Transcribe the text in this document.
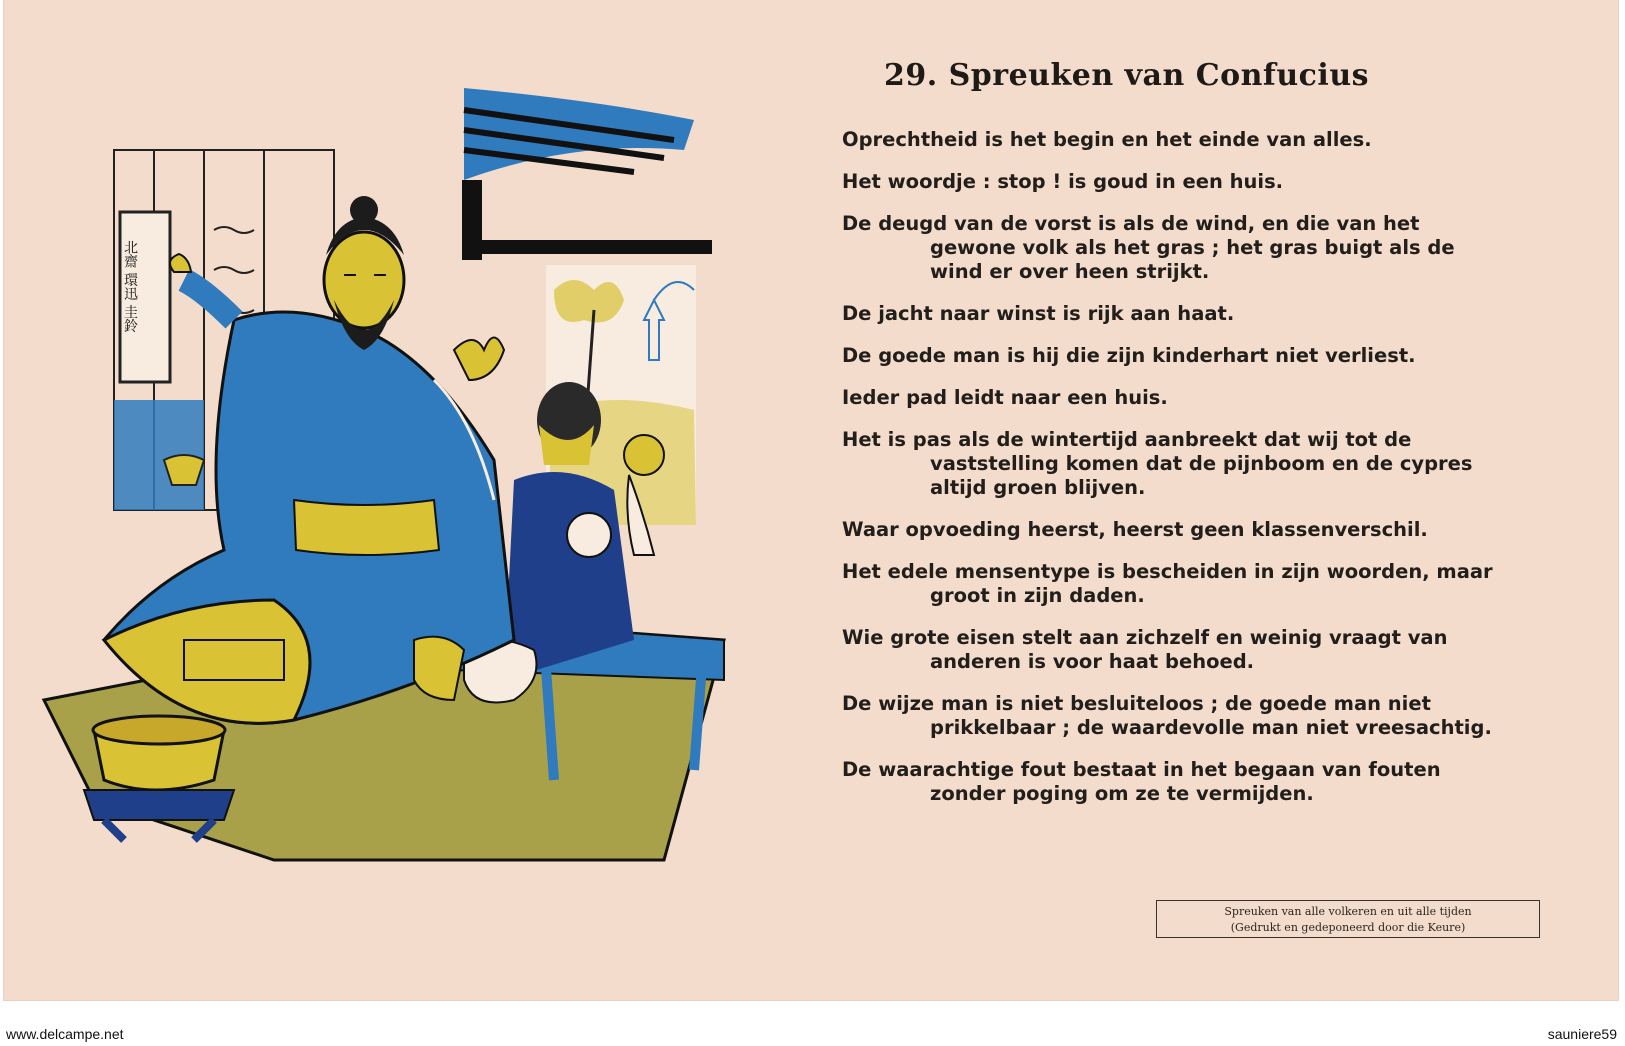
北齋 環迅 圭鈴
29. Spreuken van Confucius

Oprechtheid is het begin en het einde van alles.

Het woordje : stop ! is goud in een huis.

De deugd van de vorst is als de wind, en die van het gewone volk als het gras ; het gras buigt als de wind er over heen strijkt.

De jacht naar winst is rijk aan haat.

De goede man is hij die zijn kinderhart niet verliest.

Ieder pad leidt naar een huis.

Het is pas als de wintertijd aanbreekt dat wij tot de vaststelling komen dat de pijnboom en de cypres altijd groen blijven.

Waar opvoeding heerst, heerst geen klassenverschil.

Het edele mensentype is bescheiden in zijn woorden, maar groot in zijn daden.

Wie grote eisen stelt aan zichzelf en weinig vraagt van anderen is voor haat behoed.

De wijze man is niet besluiteloos ; de goede man niet prikkelbaar ; de waardevolle man niet vreesachtig.

De waarachtige fout bestaat in het begaan van fouten zonder poging om ze te vermijden.

Spreuken van alle volkeren en uit alle tijden
(Gedrukt en gedeponeerd door die Keure)
www.delcampe.net	sauniere59
